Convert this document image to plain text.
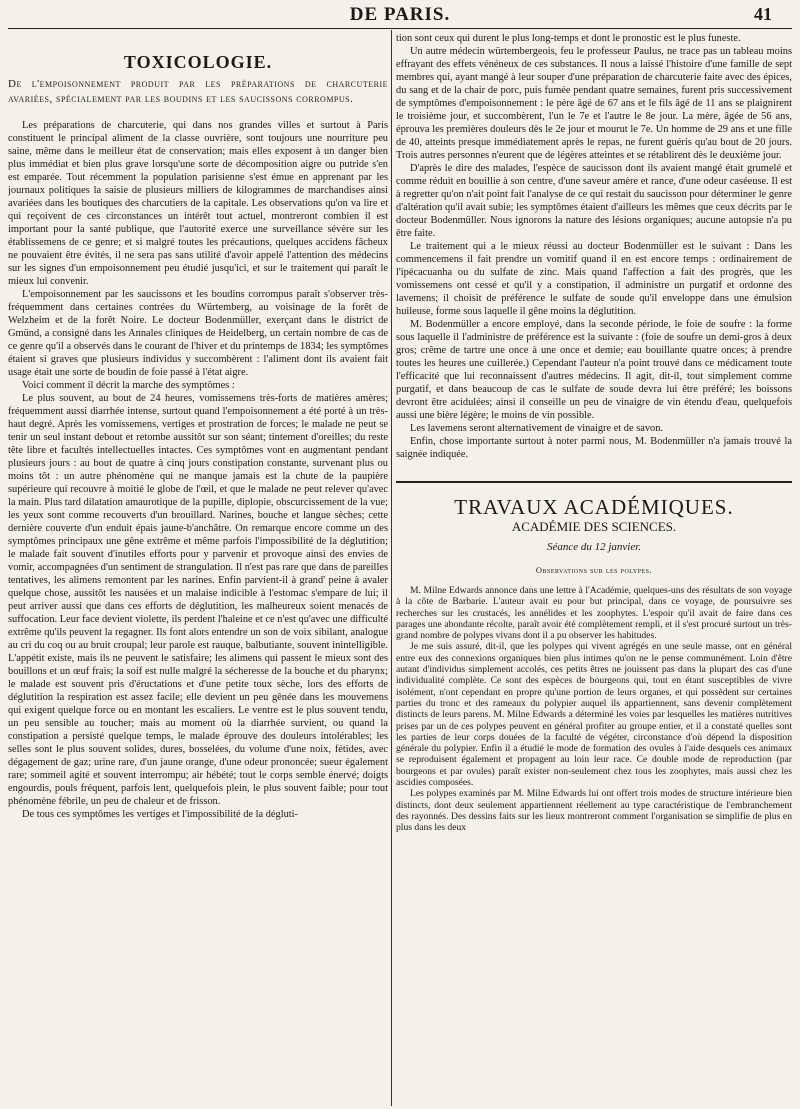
DE PARIS.	41
TOXICOLOGIE.
De l'empoisonnement produit par les préparations de charcuterie avariées, spécialement par les boudins et les saucissons corrompus.

Les préparations de charcuterie, qui dans nos grandes villes et surtout à Paris constituent le principal aliment de la classe ouvrière, sont toujours une nourriture peu saine, même dans le meilleur état de conservation; mais elles exposent à un danger bien plus immédiat et bien plus grave lorsqu'une sorte de décomposition aigre ou putride s'en est emparée. Tout récemment la population parisienne s'est émue en apprenant par les journaux politiques la saisie de plusieurs milliers de kilogrammes de marchandises ainsi avariées dans les boutiques des charcutiers de la capitale. Les observations qu'on va lire et qui reçoivent de ces circonstances un intérêt tout actuel, montreront combien il est important pour la santé publique, que l'autorité exerce une surveillance sévère sur les établissemens de ce genre; et si malgré toutes les précautions, quelques accidens fâcheux ne pouvaient être évités, il ne sera pas sans utilité d'avoir appelé l'attention des médecins sur les signes d'un empoisonnement peu étudié jusqu'ici, et sur le traitement qui paraît le mieux lui convenir.

L'empoisonnement par les saucissons et les boudins corrompus paraît s'observer très-fréquemment dans certaines contrées du Würtemberg, au voisinage de la forêt de Welzheim et de la forêt Noire. Le docteur Bodenmüller, exerçant dans le district de Gmünd, a consigné dans les Annales cliniques de Heidelberg, un certain nombre de cas de ce genre qu'il a observés dans le courant de l'hiver et du printemps de 1834; les symptômes étaient si graves que plusieurs individus y succombèrent : l'aliment dont ils avaient fait usage était une sorte de boudin de foie passé à l'état aigre.

Voici comment il décrit la marche des symptômes :

Le plus souvent, au bout de 24 heures, vomissemens très-forts de matières amères; fréquemment aussi diarrhée intense, surtout quand l'empoisonnement a été porté à un très-haut degré. Après les vomissemens, vertiges et prostration de forces; le malade ne peut se tenir un seul instant debout et retombe aussitôt sur son séant; tintement d'oreilles; du reste tête libre et facultés intellectuelles intactes. Ces symptômes vont en augmentant pendant plusieurs jours : au bout de quatre à cinq jours constipation constante, survenant plus ou moins tôt : un autre phénomène qui ne manque jamais est la chute de la paupière supérieure qui recouvre à moitié le globe de l'œil, et que le malade ne peut relever qu'avec la main. Plus tard dilatation amaurotique de la pupille, diplopie, obscurcissement de la vue; les yeux sont comme recouverts d'un brouillard. Narines, bouche et langue sèches; cette dernière couverte d'un enduit épais jaune-b'anchâtre. On remarque encore comme un des symptômes principaux une gêne extrême et même parfois l'impossibilité de la déglutition; le malade fait souvent d'inutiles efforts pour y parvenir et provoque ainsi des envies de vomir, accompagnées d'un sentiment de strangulation. Il n'est pas rare que dans de pareilles tentatives, les alimens remontent par les narines. Enfin parvient-il à grand' peine à avaler quelque chose, aussitôt les nausées et un malaise indicible à l'estomac s'empare de lui; il peut arriver aussi que dans ces efforts de déglutition, les malheureux soient menacés de suffocation. Leur face devient violette, ils perdent l'haleine et ce n'est qu'avec une difficulté extrême qu'ils peuvent la regagner. Ils font alors entendre un son de voix sibilant, analogue au cri du coq ou au bruit croupal; leur parole est rauque, balbutiante, souvent inintelligible. L'appétit existe, mais ils ne peuvent le satisfaire; les alimens qui passent le mieux sont des bouillons et un œuf frais; la soif est nulle malgré la sécheresse de la bouche et du pharynx; le malade est souvent pris d'éructations et d'une petite toux sèche, lors des efforts de déglutition la respiration est assez facile; elle devient un peu gênée dans les mouvemens qui exigent quelque force ou en montant les escaliers. Le ventre est le plus souvent tendu, un peu sensible au toucher; mais au moment où la diarrhée survient, ou quand la constipation a persisté quelque temps, le malade éprouve des douleurs intolérables; les selles sont le plus souvent solides, dures, bosselées, du volume d'une noix, fétides, avec dégagement de gaz; urine rare, d'un jaune orange, d'une odeur prononcée; sueur également rare; sommeil agité et souvent interrompu; air hébété; tout le corps semble énervé; doigts engourdis, pouls fréquent, parfois lent, quelquefois plein, le plus souvent faible; pour tout phénomène fébrile, un peu de chaleur et de frisson.

De tous ces symptômes les vertiges et l'impossibilité de la dégluti-

tion sont ceux qui durent le plus long-temps et dont le pronostic est le plus funeste.

Un autre médecin würtembergeois, feu le professeur Paulus, ne trace pas un tableau moins effrayant des effets vénéneux de ces substances. Il nous a laissé l'histoire d'une famille de sept membres qui, ayant mangé à leur souper d'une préparation de charcuterie faite avec des épices, du sang et de la chair de porc, puis fumée pendant quatre semaines, furent pris successivement de symptômes d'empoisonnement : le père âgé de 67 ans et le fils âgé de 11 ans se plaignirent le troisième jour, et succombèrent, l'un le 7e et l'autre le 8e jour. La mère, âgée de 56 ans, éprouva les premières douleurs dès le 2e jour et mourut le 7e. Un homme de 29 ans et une fille de 40, atteints presque immédiatement après le repas, ne furent guéris qu'au bout de 20 jours. Trois autres personnes n'eurent que de légères atteintes et se rétablirent dès le deuxième jour.

D'après le dire des malades, l'espèce de saucisson dont ils avaient mangé était grumelé et comme réduit en bouillie à son centre, d'une saveur amère et rance, d'une odeur caséeuse. Il est à regretter qu'on n'ait point fait l'analyse de ce qui restait du saucisson pour déterminer le genre d'altération qu'il avait subie; les symptômes étaient d'ailleurs les mêmes que ceux décrits par le docteur Bodenmüller. Nous ignorons la nature des lésions organiques; aucune autopsie n'a pu être faite.

Le traitement qui a le mieux réussi au docteur Bodenmüller est le suivant : Dans les commencemens il fait prendre un vomitif quand il en est encore temps : ordinairement de l'ipécacuanha ou du sulfate de zinc. Mais quand l'affection a fait des progrès, que les vomissemens ont cessé et qu'il y a constipation, il administre un purgatif et ordonne des lavemens; il choisit de préférence le sulfate de soude qu'il enveloppe dans une émulsion huileuse, forme sous laquelle il gêne moins la déglutition.

M. Bodenmüller a encore employé, dans la seconde période, le foie de soufre : la forme sous laquelle il l'administre de préférence est la suivante : (foie de soufre un demi-gros à deux gros; crême de tartre une once à une once et demie; eau bouillante quatre onces; à prendre toutes les heures une cuillerée.) Cependant l'auteur n'a point trouvé dans ce médicament toute l'efficacité que lui reconnaissent d'autres médecins. Il agit, dit-il, tout simplement comme purgatif, et dans beaucoup de cas le sulfate de soude devra lui être préféré; les boissons devront être acidulées; ainsi il conseille un peu de vinaigre de vin étendu d'eau, quelquefois aussi une bière légère; le moins de vin possible.

Les lavemens seront alternativement de vinaigre et de savon.

Enfin, chose importante surtout à noter parmi nous, M. Bodenmüller n'a jamais trouvé la saignée indiquée.

TRAVAUX ACADÉMIQUES.
ACADÉMIE DES SCIENCES.
Séance du 12 janvier.
Observations sur les polypes.

M. Milne Edwards annonce dans une lettre à l'Académie, quelques-uns des résultats de son voyage à la côte de Barbarie. L'auteur avait eu pour but principal, dans ce voyage, de poursuivre ses recherches sur les crustacés, les annélides et les zoophytes. L'espoir qu'il avait de faire dans ces parages une abondante récolte, paraît avoir été complètement rempli, et il s'est procuré surtout un très-grand nombre de polypes vivans dont il a pu observer les habitudes.

Je me suis assuré, dit-il, que les polypes qui vivent agrégés en une seule masse, ont en général entre eux des connexions organiques bien plus intimes qu'on ne le pense communément. Loin d'être autant d'individus simplement accolés, ces petits êtres ne jouissent pas dans la plupart des cas d'une individualité complète. Ce sont des espèces de bourgeons qui, tout en étant susceptibles de vivre isolément, n'ont cependant en propre qu'une portion de leurs organes, et qui possèdent sur certaines parties du tronc et des rameaux du polypier auquel ils appartiennent, sans devenir complètement distincts de leurs parens. M. Milne Edwards a déterminé les voies par lesquelles les matières nutritives prises par un de ces polypes peuvent en général profiter au groupe entier, et il a constaté quelles sont les parties de leur corps douées de la faculté de végéter, circonstance d'où dépend la disposition générale du polypier. Enfin il a étudié le mode de formation des ovules à l'aide desquels ces animaux se reproduisent également et propagent au loin leur race. Ce double mode de reproduction (par bourgeons et par ovules) paraît exister non-seulement chez tous les zoophytes, mais aussi chez les ascidies composées.

Les polypes examinés par M. Milne Edwards lui ont offert trois modes de structure intérieure bien distincts, dont deux seulement appartiennent réellement au type caractéristique de l'embranchement des rayonnés. Des dessins faits sur les lieux montreront comment l'organisation se simplifie de plus en plus dans les deux
